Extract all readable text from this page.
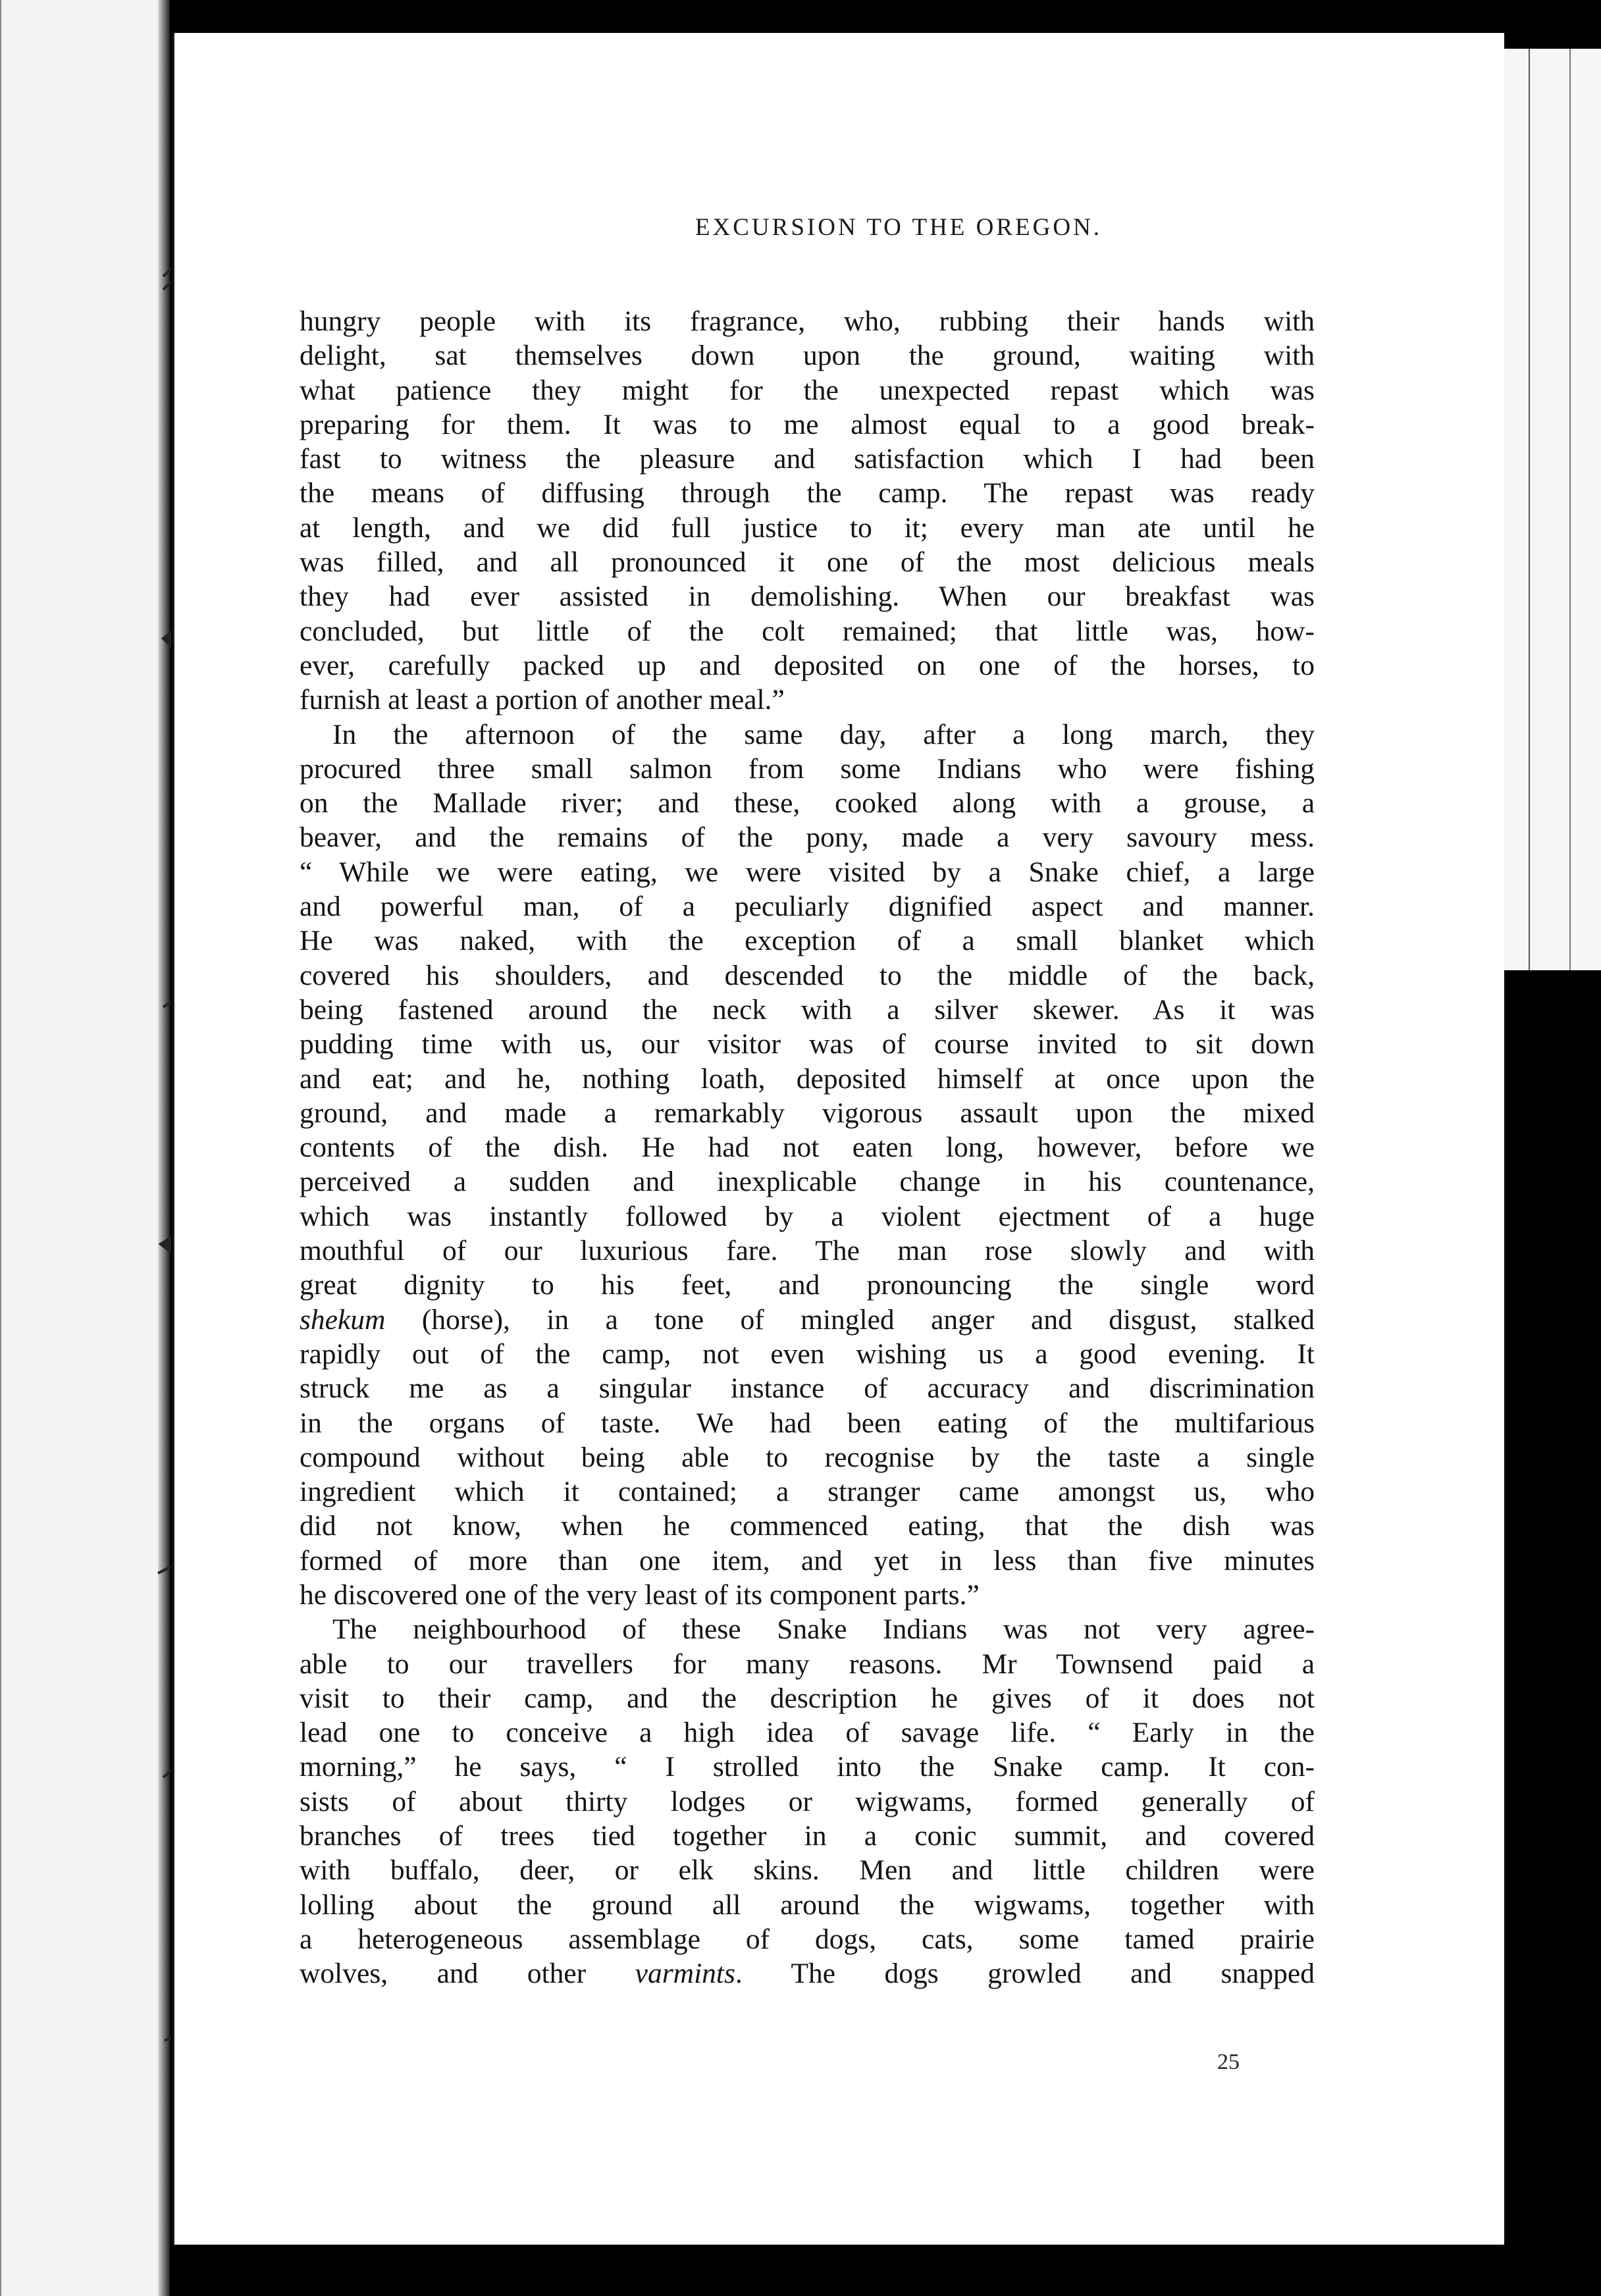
EXCURSION TO THE OREGON.
hungry people with its fragrance, who, rubbing their hands with
delight, sat themselves down upon the ground, waiting with
what patience they might for the unexpected repast which was
preparing for them. It was to me almost equal to a good break-
fast to witness the pleasure and satisfaction which I had been
the means of diffusing through the camp. The repast was ready
at length, and we did full justice to it; every man ate until he
was filled, and all pronounced it one of the most delicious meals
they had ever assisted in demolishing. When our breakfast was
concluded, but little of the colt remained; that little was, how-
ever, carefully packed up and deposited on one of the horses, to
furnish at least a portion of another meal.”
In the afternoon of the same day, after a long march, they
procured three small salmon from some Indians who were fishing
on the Mallade river; and these, cooked along with a grouse, a
beaver, and the remains of the pony, made a very savoury mess.
“ While we were eating, we were visited by a Snake chief, a large
and powerful man, of a peculiarly dignified aspect and manner.
He was naked, with the exception of a small blanket which
covered his shoulders, and descended to the middle of the back,
being fastened around the neck with a silver skewer. As it was
pudding time with us, our visitor was of course invited to sit down
and eat; and he, nothing loath, deposited himself at once upon the
ground, and made a remarkably vigorous assault upon the mixed
contents of the dish. He had not eaten long, however, before we
perceived a sudden and inexplicable change in his countenance,
which was instantly followed by a violent ejectment of a huge
mouthful of our luxurious fare. The man rose slowly and with
great dignity to his feet, and pronouncing the single word
shekum (horse), in a tone of mingled anger and disgust, stalked
rapidly out of the camp, not even wishing us a good evening. It
struck me as a singular instance of accuracy and discrimination
in the organs of taste. We had been eating of the multifarious
compound without being able to recognise by the taste a single
ingredient which it contained; a stranger came amongst us, who
did not know, when he commenced eating, that the dish was
formed of more than one item, and yet in less than five minutes
he discovered one of the very least of its component parts.”
The neighbourhood of these Snake Indians was not very agree-
able to our travellers for many reasons. Mr Townsend paid a
visit to their camp, and the description he gives of it does not
lead one to conceive a high idea of savage life. “ Early in the
morning,” he says, “ I strolled into the Snake camp. It con-
sists of about thirty lodges or wigwams, formed generally of
branches of trees tied together in a conic summit, and covered
with buffalo, deer, or elk skins. Men and little children were
lolling about the ground all around the wigwams, together with
a heterogeneous assemblage of dogs, cats, some tamed prairie
wolves, and other varmints. The dogs growled and snapped
25
